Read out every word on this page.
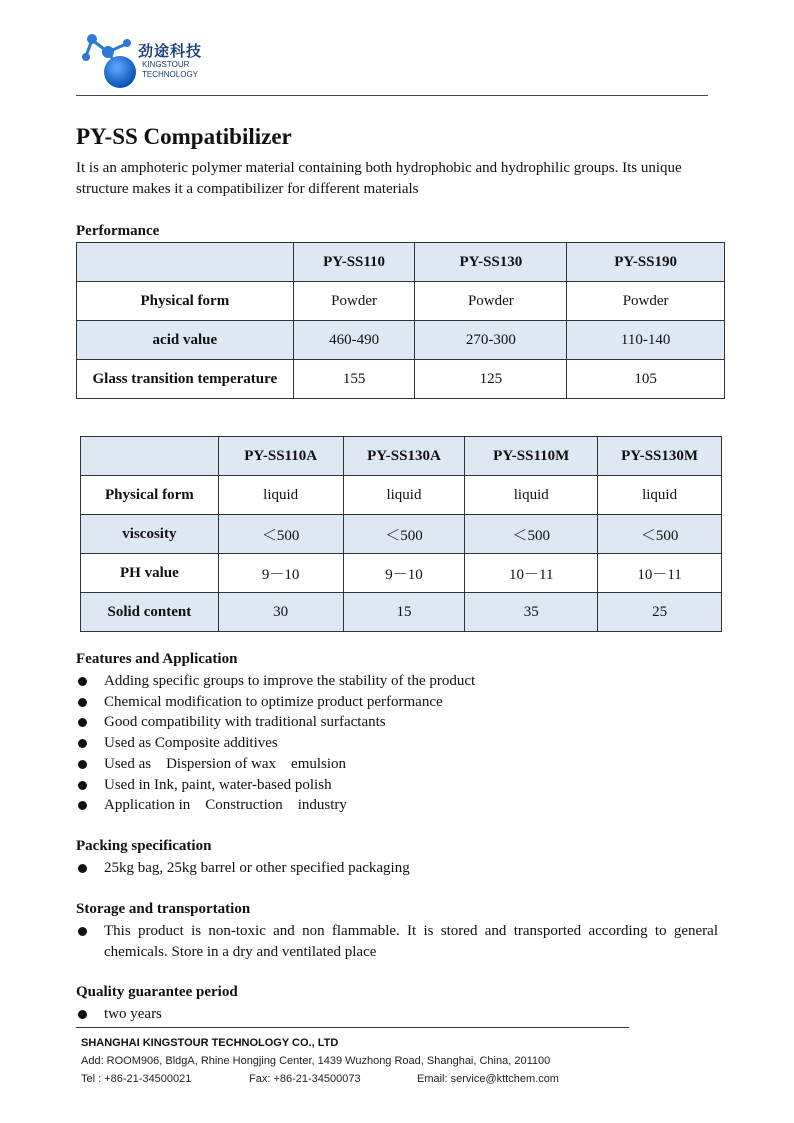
劲途科技
KINGSTOUR
TECHNOLOGY
PY-SS Compatibilizer
It is an amphoteric polymer material containing both hydrophobic and hydrophilic groups. Its unique structure makes it a compatibilizer for different materials
Performance
	PY-SS110	PY-SS130	PY-SS190
Physical form	Powder	Powder	Powder
acid value	460-490	270-300	110-140
Glass transition temperature	155	125	105
	PY-SS110A	PY-SS130A	PY-SS110M	PY-SS130M
Physical form	liquid	liquid	liquid	liquid
viscosity	＜500	＜500	＜500	＜500
PH value	9－10	9－10	10－11	10－11
Solid content	30	15	35	25
Features and Application
Adding specific groups to improve the stability of the product
Chemical modification to optimize product performance
Good compatibility with traditional surfactants
Used as Composite additives
Used as　Dispersion of wax　emulsion
Used in Ink, paint, water-based polish
Application in　Construction　industry
Packing specification
25kg bag, 25kg barrel or other specified packaging
Storage and transportation
This product is non-toxic and non flammable. It is stored and transported according to general chemicals. Store in a dry and ventilated place
Quality guarantee period
two years
SHANGHAI KINGSTOUR TECHNOLOGY CO., LTD
Add: ROOM906, BldgA, Rhine Hongjing Center, 1439 Wuzhong Road, Shanghai, China, 201100
Tel : +86-21-34500021	Fax: +86-21-34500073	Email: service@kttchem.com
